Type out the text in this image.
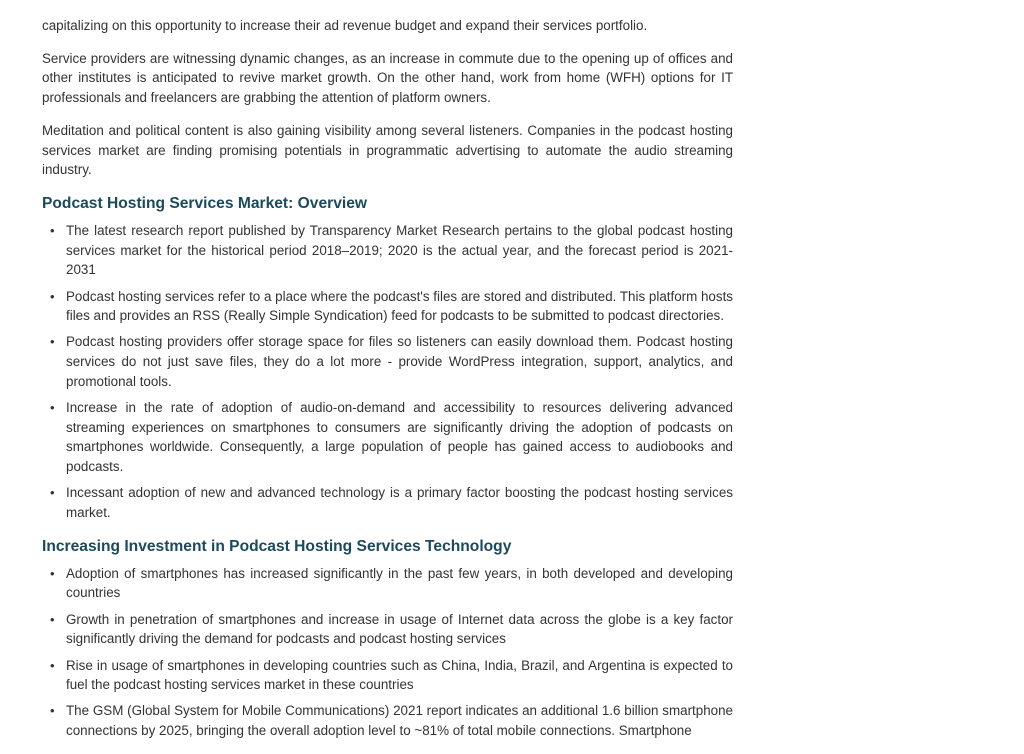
capitalizing on this opportunity to increase their ad revenue budget and expand their services portfolio.

Service providers are witnessing dynamic changes, as an increase in commute due to the opening up of offices and other institutes is anticipated to revive market growth. On the other hand, work from home (WFH) options for IT professionals and freelancers are grabbing the attention of platform owners.

Meditation and political content is also gaining visibility among several listeners. Companies in the podcast hosting services market are finding promising potentials in programmatic advertising to automate the audio streaming industry.

Podcast Hosting Services Market: Overview
• The latest research report published by Transparency Market Research pertains to the global podcast hosting services market for the historical period 2018–2019; 2020 is the actual year, and the forecast period is 2021-2031
• Podcast hosting services refer to a place where the podcast's files are stored and distributed. This platform hosts files and provides an RSS (Really Simple Syndication) feed for podcasts to be submitted to podcast directories.
• Podcast hosting providers offer storage space for files so listeners can easily download them. Podcast hosting services do not just save files, they do a lot more - provide WordPress integration, support, analytics, and promotional tools.
• Increase in the rate of adoption of audio-on-demand and accessibility to resources delivering advanced streaming experiences on smartphones to consumers are significantly driving the adoption of podcasts on smartphones worldwide. Consequently, a large population of people has gained access to audiobooks and podcasts.
• Incessant adoption of new and advanced technology is a primary factor boosting the podcast hosting services market.
Increasing Investment in Podcast Hosting Services Technology
• Adoption of smartphones has increased significantly in the past few years, in both developed and developing countries
• Growth in penetration of smartphones and increase in usage of Internet data across the globe is a key factor significantly driving the demand for podcasts and podcast hosting services
• Rise in usage of smartphones in developing countries such as China, India, Brazil, and Argentina is expected to fuel the podcast hosting services market in these countries
• The GSM (Global System for Mobile Communications) 2021 report indicates an additional 1.6 billion smartphone connections by 2025, bringing the overall adoption level to ~81% of total mobile connections. Smartphone
